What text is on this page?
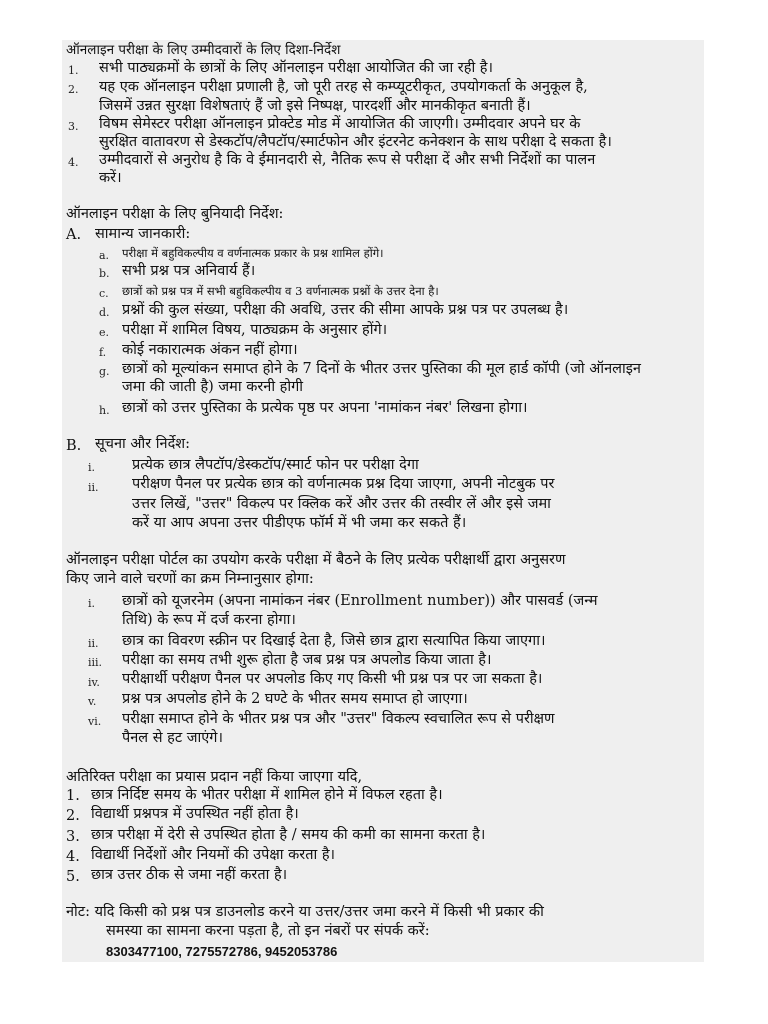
ऑनलाइन परीक्षा के लिए उम्मीदवारों के लिए दिशा-निर्देश
1. सभी पाठ्यक्रमों के छात्रों के लिए ऑनलाइन परीक्षा आयोजित की जा रही है।
2. यह एक ऑनलाइन परीक्षा प्रणाली है, जो पूरी तरह से कम्प्यूटरीकृत, उपयोगकर्ता के अनुकूल है,
जिसमें उन्नत सुरक्षा विशेषताएं हैं जो इसे निष्पक्ष, पारदर्शी और मानकीकृत बनाती हैं।
3. विषम सेमेस्टर परीक्षा ऑनलाइन प्रोक्टेड मोड में आयोजित की जाएगी। उम्मीदवार अपने घर के
सुरक्षित वातावरण से डेस्कटॉप/लैपटॉप/स्मार्टफोन और इंटरनेट कनेक्शन के साथ परीक्षा दे सकता है।
4. उम्मीदवारों से अनुरोध है कि वे ईमानदारी से, नैतिक रूप से परीक्षा दें और सभी निर्देशों का पालन
करें।
ऑनलाइन परीक्षा के लिए बुनियादी निर्देश:
A. सामान्य जानकारी:
a. परीक्षा में बहुविकल्पीय व वर्णनात्मक प्रकार के प्रश्न शामिल होंगे।
b. सभी प्रश्न पत्र अनिवार्य हैं।
c. छात्रों को प्रश्न पत्र में सभी बहुविकल्पीय व 3 वर्णनात्मक प्रश्नों के उत्तर देना है।
d. प्रश्नों की कुल संख्या, परीक्षा की अवधि, उत्तर की सीमा आपके प्रश्न पत्र पर उपलब्ध है।
e. परीक्षा में शामिल विषय, पाठ्यक्रम के अनुसार होंगे।
f. कोई नकारात्मक अंकन नहीं होगा।
g. छात्रों को मूल्यांकन समाप्त होने के 7 दिनों के भीतर उत्तर पुस्तिका की मूल हार्ड कॉपी (जो ऑनलाइन
जमा की जाती है) जमा करनी होगी
h. छात्रों को उत्तर पुस्तिका के प्रत्येक पृष्ठ पर अपना 'नामांकन नंबर' लिखना होगा।
B. सूचना और निर्देश:
i.	प्रत्येक छात्र लैपटॉप/डेस्कटॉप/स्मार्ट फोन पर परीक्षा देगा
ii. परीक्षण पैनल पर प्रत्येक छात्र को वर्णनात्मक प्रश्न दिया जाएगा, अपनी नोटबुक पर
उत्तर लिखें, "उत्तर" विकल्प पर क्लिक करें और उत्तर की तस्वीर लें और इसे जमा
करें या आप अपना उत्तर पीडीएफ फॉर्म में भी जमा कर सकते हैं।
ऑनलाइन परीक्षा पोर्टल का उपयोग करके परीक्षा में बैठने के लिए प्रत्येक परीक्षार्थी द्वारा अनुसरण
किए जाने वाले चरणों का क्रम निम्नानुसार होगा:
i. छात्रों को यूजरनेम (अपना नामांकन नंबर (Enrollment number)) और पासवर्ड (जन्म
तिथि) के रूप में दर्ज करना होगा।
ii. छात्र का विवरण स्क्रीन पर दिखाई देता है, जिसे छात्र द्वारा सत्यापित किया जाएगा।
iii. परीक्षा का समय तभी शुरू होता है जब प्रश्न पत्र अपलोड किया जाता है।
iv. परीक्षार्थी परीक्षण पैनल पर अपलोड किए गए किसी भी प्रश्न पत्र पर जा सकता है।
v. प्रश्न पत्र अपलोड होने के 2 घण्टे के भीतर समय समाप्त हो जाएगा।
vi. परीक्षा समाप्त होने के भीतर प्रश्न पत्र और "उत्तर" विकल्प स्वचालित रूप से परीक्षण
पैनल से हट जाएंगे।
अतिरिक्त परीक्षा का प्रयास प्रदान नहीं किया जाएगा यदि,
1. छात्र निर्दिष्ट समय के भीतर परीक्षा में शामिल होने में विफल रहता है।
2. विद्यार्थी प्रश्नपत्र में उपस्थित नहीं होता है।
3. छात्र परीक्षा में देरी से उपस्थित होता है / समय की कमी का सामना करता है।
4. विद्यार्थी निर्देशों और नियमों की उपेक्षा करता है।
5. छात्र उत्तर ठीक से जमा नहीं करता है।
नोट: यदि किसी को प्रश्न पत्र डाउनलोड करने या उत्तर/उत्तर जमा करने में किसी भी प्रकार की
समस्या का सामना करना पड़ता है, तो इन नंबरों पर संपर्क करें:
8303477100, 7275572786, 9452053786
